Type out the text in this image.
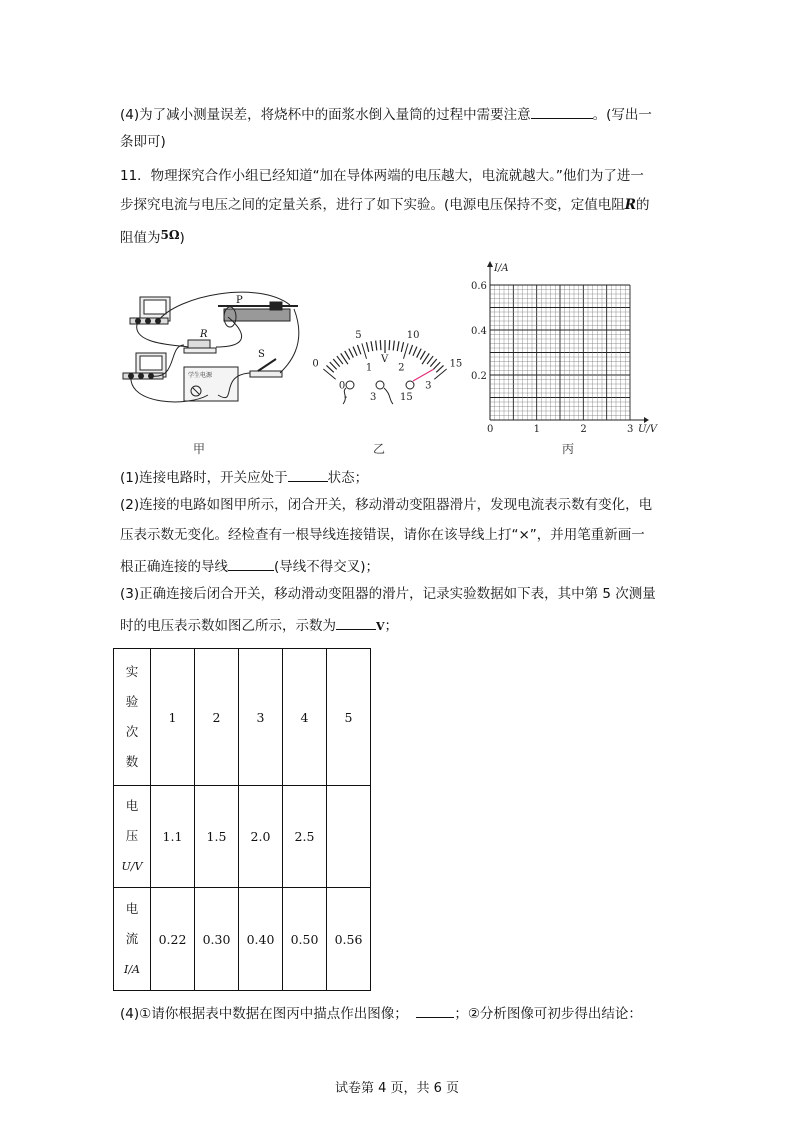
(4)为了减小测量误差，将烧杯中的面浆水倒入量筒的过程中需要注意	。(写出一
条即可)
11．物理探究合作小组已经知道“加在导体两端的电压越大，电流就越大。”他们为了进一
步探究电流与电压之间的定量关系，进行了如下实验。(电源电压保持不变，定值电阻R的
阻值为5Ω)
学生电源
P
R
S
甲
0
0
5
1
10
2	15
3
V
- 3 15
乙
I/A
U/V
0	1	2	3
0.2
0.4
0.6
丙
(1)连接电路时，开关应处于	状态；
(2)连接的电路如图甲所示，闭合开关，移动滑动变阻器滑片，发现电流表示数有变化，电
压表示数无变化。经检查有一根导线连接错误，请你在该导线上打“×”，并用笔重新画一
根正确连接的导线	(导线不得交叉)；
(3)正确连接后闭合开关，移动滑动变阻器的滑片，记录实验数据如下表，其中第 5 次测量
时的电压表示数如图乙所示，示数为	V；
实
验
次
数	1	2	3	4	5
电
压
U/V	1.1	1.5	2.0	2.5	
电
流
I/A	0.22	0.30	0.40	0.50	0.56
(4)①请你根据表中数据在图丙中描点作出图像；	；②分析图像可初步得出结论：
试卷第 4 页，共 6 页
